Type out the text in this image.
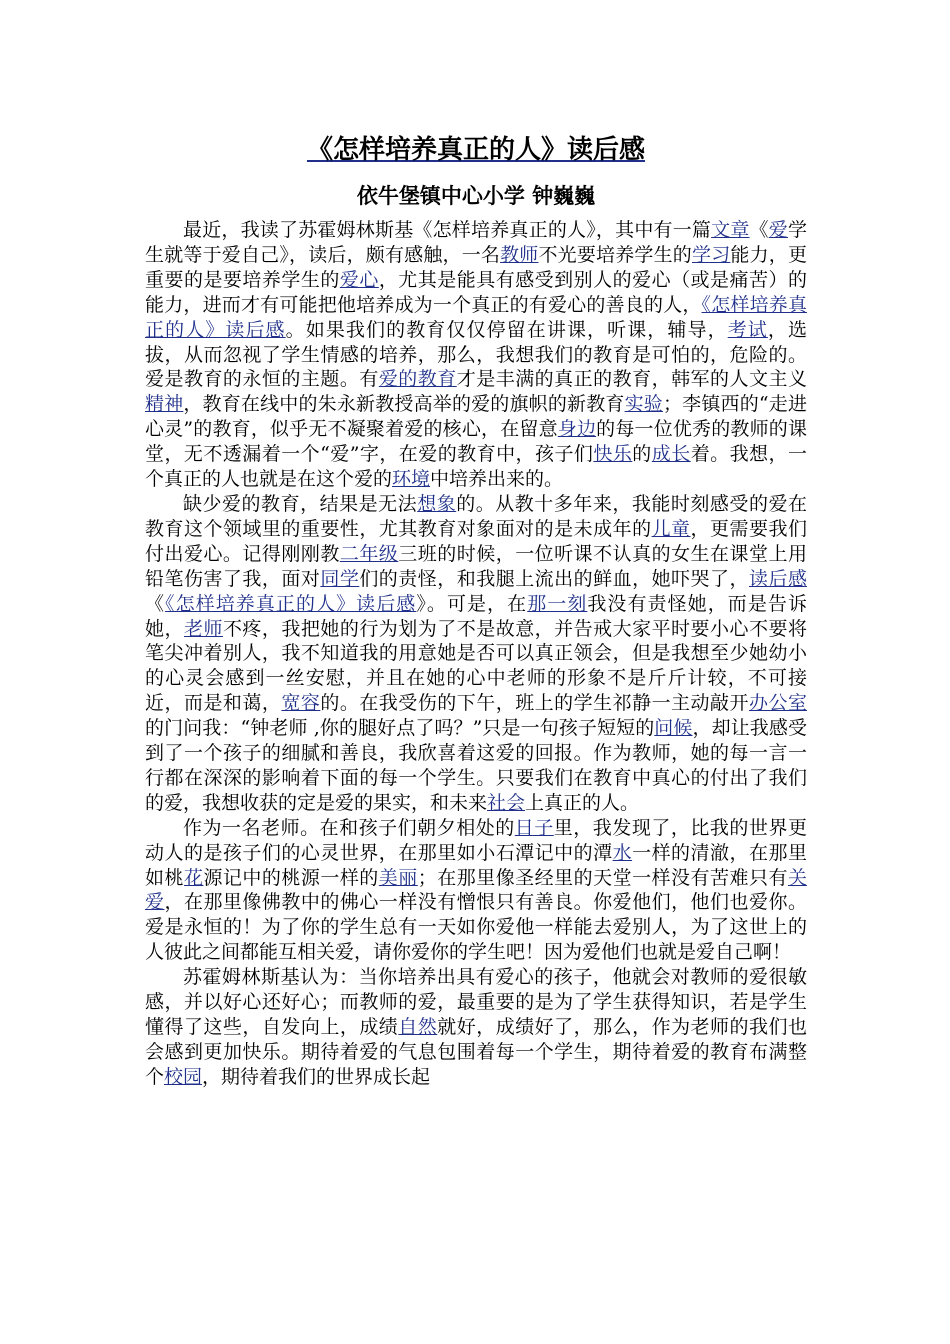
《怎样培养真正的人》读后感
依牛堡镇中心小学 钟巍巍

最近，我读了苏霍姆林斯基《怎样培养真正的人》，其中有一篇文章《爱学生就等于爱自己》，读后，颇有感触，一名教师不光要培养学生的学习能力，更重要的是要培养学生的爱心，尤其是能具有感受到别人的爱心（或是痛苦）的能力，进而才有可能把他培养成为一个真正的有爱心的善良的人，《怎样培养真正的人》读后感。如果我们的教育仅仅停留在讲课，听课，辅导，考试，选拔，从而忽视了学生情感的培养，那么，我想我们的教育是可怕的，危险的。爱是教育的永恒的主题。有爱的教育才是丰满的真正的教育，韩军的人文主义精神，教育在线中的朱永新教授高举的爱的旗帜的新教育实验；李镇西的“走进心灵”的教育，似乎无不凝聚着爱的核心，在留意身边的每一位优秀的教师的课堂，无不透漏着一个“爱”字，在爱的教育中，孩子们快乐的成长着。我想，一个真正的人也就是在这个爱的环境中培养出来的。

缺少爱的教育，结果是无法想象的。从教十多年来，我能时刻感受的爱在教育这个领域里的重要性，尤其教育对象面对的是未成年的儿童，更需要我们付出爱心。记得刚刚教二年级三班的时候，一位听课不认真的女生在课堂上用铅笔伤害了我，面对同学们的责怪，和我腿上流出的鲜血，她吓哭了，读后感《《怎样培养真正的人》读后感》。可是，在那一刻我没有责怪她，而是告诉她，老师不疼，我把她的行为划为了不是故意，并告戒大家平时要小心不要将笔尖冲着别人，我不知道我的用意她是否可以真正领会，但是我想至少她幼小的心灵会感到一丝安慰，并且在她的心中老师的形象不是斤斤计较，不可接近，而是和蔼，宽容的。在我受伤的下午，班上的学生祁静一主动敲开办公室的门问我：“钟老师 ,你的腿好点了吗？”只是一句孩子短短的问候，却让我感受到了一个孩子的细腻和善良，我欣喜着这爱的回报。作为教师，她的每一言一行都在深深的影响着下面的每一个学生。只要我们在教育中真心的付出了我们的爱，我想收获的定是爱的果实，和未来社会上真正的人。

作为一名老师。在和孩子们朝夕相处的日子里，我发现了，比我的世界更动人的是孩子们的心灵世界，在那里如小石潭记中的潭水一样的清澈，在那里如桃花源记中的桃源一样的美丽；在那里像圣经里的天堂一样没有苦难只有关爱，在那里像佛教中的佛心一样没有憎恨只有善良。你爱他们，他们也爱你。爱是永恒的！为了你的学生总有一天如你爱他一样能去爱别人，为了这世上的人彼此之间都能互相关爱，请你爱你的学生吧！因为爱他们也就是爱自己啊！

苏霍姆林斯基认为：当你培养出具有爱心的孩子，他就会对教师的爱很敏感，并以好心还好心；而教师的爱，最重要的是为了学生获得知识，若是学生懂得了这些，自发向上，成绩自然就好，成绩好了，那么，作为老师的我们也会感到更加快乐。期待着爱的气息包围着每一个学生，期待着爱的教育布满整个校园，期待着我们的世界成长起
